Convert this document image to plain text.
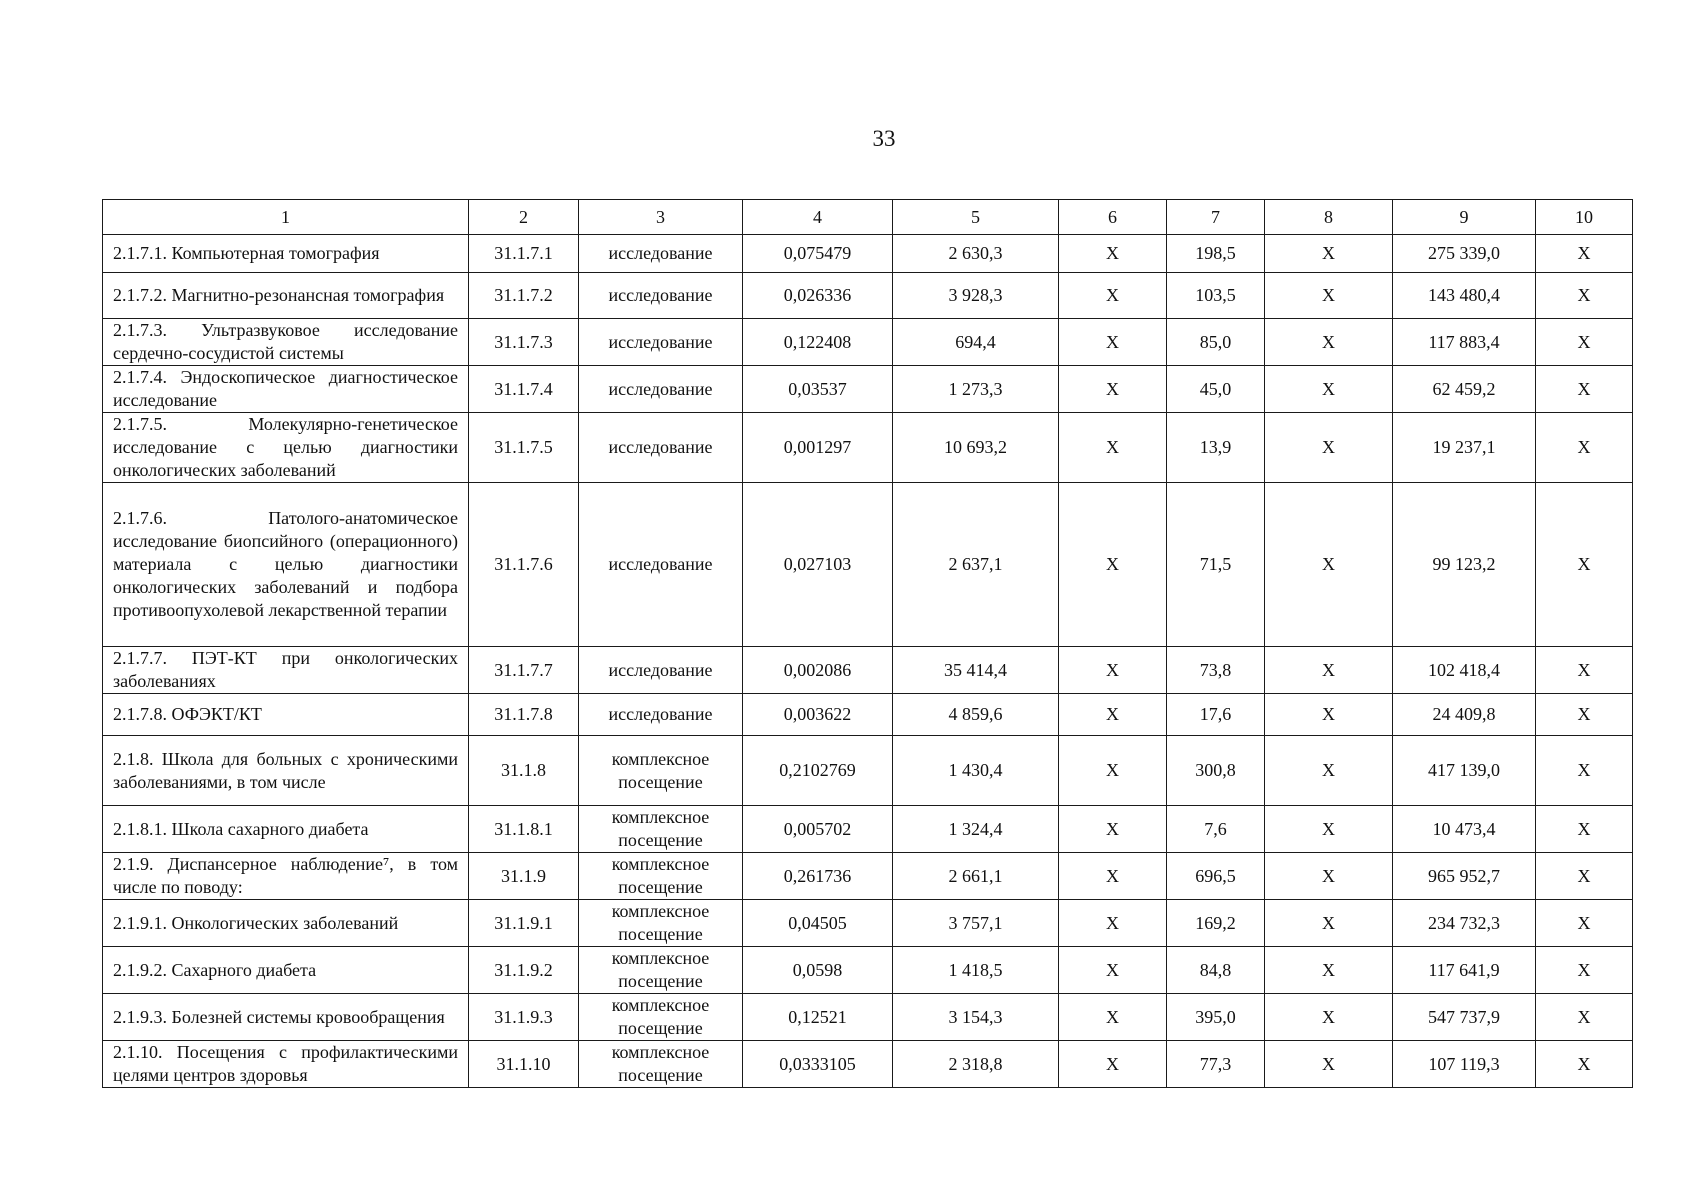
33
1	2	3	4	5	6	7	8	9	10
2.1.7.1. Компьютерная томография	31.1.7.1	исследование	0,075479	2 630,3	X	198,5	X	275 339,0	X
2.1.7.2. Магнитно-резонансная томография	31.1.7.2	исследование	0,026336	3 928,3	X	103,5	X	143 480,4	X
2.1.7.3. Ультразвуковое исследование сердечно-сосудистой системы	31.1.7.3	исследование	0,122408	694,4	X	85,0	X	117 883,4	X
2.1.7.4. Эндоскопическое диагностическое исследование	31.1.7.4	исследование	0,03537	1 273,3	X	45,0	X	62 459,2	X
2.1.7.5. Молекулярно-генетическое исследование с целью диагностики онкологических заболеваний	31.1.7.5	исследование	0,001297	10 693,2	X	13,9	X	19 237,1	X
2.1.7.6. Патолого-анатомическое исследование биопсийного (операционного) материала с целью диагностики онкологических заболеваний и подбора противоопухолевой лекарственной терапии	31.1.7.6	исследование	0,027103	2 637,1	X	71,5	X	99 123,2	X
2.1.7.7. ПЭТ-КТ при онкологических заболеваниях	31.1.7.7	исследование	0,002086	35 414,4	X	73,8	X	102 418,4	X
2.1.7.8. ОФЭКТ/КТ	31.1.7.8	исследование	0,003622	4 859,6	X	17,6	X	24 409,8	X
2.1.8. Школа для больных с хроническими заболеваниями, в том числе	31.1.8	комплексное посещение	0,2102769	1 430,4	X	300,8	X	417 139,0	X
2.1.8.1. Школа сахарного диабета	31.1.8.1	комплексное посещение	0,005702	1 324,4	X	7,6	X	10 473,4	X
2.1.9. Диспансерное наблюдение⁷, в том числе по поводу:	31.1.9	комплексное посещение	0,261736	2 661,1	X	696,5	X	965 952,7	X
2.1.9.1. Онкологических заболеваний	31.1.9.1	комплексное посещение	0,04505	3 757,1	X	169,2	X	234 732,3	X
2.1.9.2. Сахарного диабета	31.1.9.2	комплексное посещение	0,0598	1 418,5	X	84,8	X	117 641,9	X
2.1.9.3. Болезней системы кровообращения	31.1.9.3	комплексное посещение	0,12521	3 154,3	X	395,0	X	547 737,9	X
2.1.10. Посещения с профилактическими целями центров здоровья	31.1.10	комплексное посещение	0,0333105	2 318,8	X	77,3	X	107 119,3	X
